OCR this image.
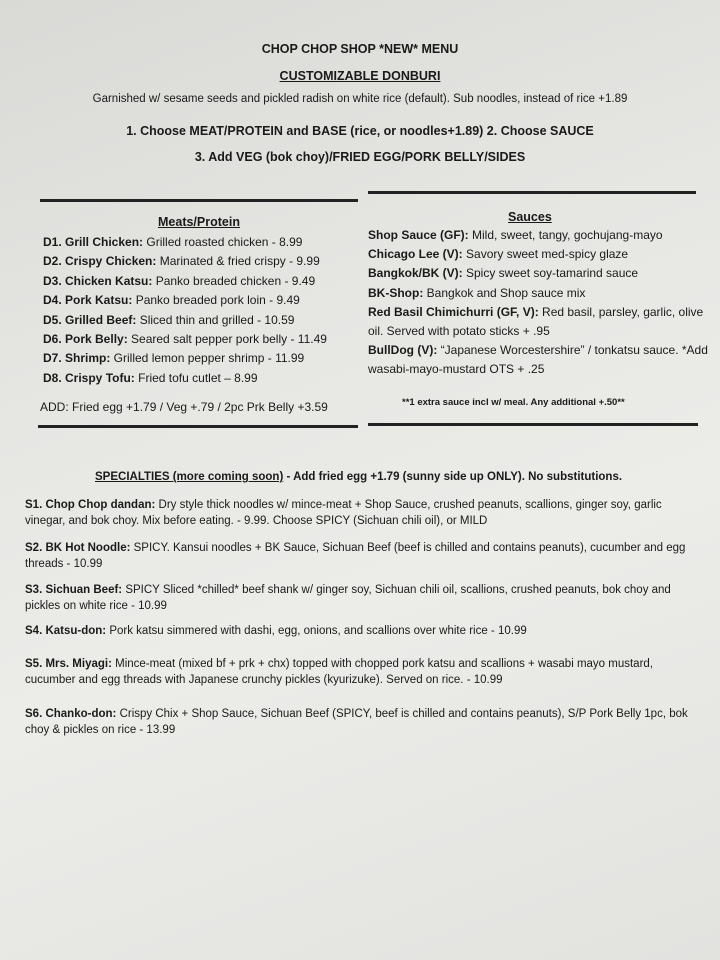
CHOP CHOP SHOP *NEW* MENU
CUSTOMIZABLE DONBURI
Garnished w/ sesame seeds and pickled radish on white rice (default). Sub noodles, instead of rice +1.89
1. Choose MEAT/PROTEIN and BASE (rice, or noodles+1.89) 2. Choose SAUCE
3. Add VEG (bok choy)/FRIED EGG/PORK BELLY/SIDES
Meats/Protein
D1. Grill Chicken: Grilled roasted chicken - 8.99
D2. Crispy Chicken: Marinated & fried crispy - 9.99
D3. Chicken Katsu: Panko breaded chicken - 9.49
D4. Pork Katsu: Panko breaded pork loin - 9.49
D5. Grilled Beef: Sliced thin and grilled - 10.59
D6. Pork Belly: Seared salt pepper pork belly - 11.49
D7. Shrimp: Grilled lemon pepper shrimp - 11.99
D8. Crispy Tofu: Fried tofu cutlet – 8.99
Sauces
Shop Sauce (GF): Mild, sweet, tangy, gochujang-mayo
Chicago Lee (V): Savory sweet med-spicy glaze
Bangkok/BK (V): Spicy sweet soy-tamarind sauce
BK-Shop: Bangkok and Shop sauce mix
Red Basil Chimichurri (GF, V): Red basil, parsley, garlic, olive oil. Served with potato sticks + .95
BullDog (V): “Japanese Worcestershire” / tonkatsu sauce. *Add wasabi-mayo-mustard OTS + .25
ADD: Fried egg +1.79 / Veg +.79 / 2pc Prk Belly +3.59	**1 extra sauce incl w/ meal. Any additional +.50**
SPECIALTIES (more coming soon) - Add fried egg +1.79 (sunny side up ONLY). No substitutions.
S1. Chop Chop dandan: Dry style thick noodles w/ mince-meat + Shop Sauce, crushed peanuts, scallions, ginger soy, garlic vinegar, and bok choy. Mix before eating. - 9.99. Choose SPICY (Sichuan chili oil), or MILD
S2. BK Hot Noodle: SPICY. Kansui noodles + BK Sauce, Sichuan Beef (beef is chilled and contains peanuts), cucumber and egg threads - 10.99
S3. Sichuan Beef: SPICY Sliced *chilled* beef shank w/ ginger soy, Sichuan chili oil, scallions, crushed peanuts, bok choy and pickles on white rice - 10.99
S4. Katsu-don: Pork katsu simmered with dashi, egg, onions, and scallions over white rice - 10.99
S5. Mrs. Miyagi: Mince-meat (mixed bf + prk + chx) topped with chopped pork katsu and scallions + wasabi mayo mustard, cucumber and egg threads with Japanese crunchy pickles (kyurizuke). Served on rice. - 10.99
S6. Chanko-don: Crispy Chix + Shop Sauce, Sichuan Beef (SPICY, beef is chilled and contains peanuts), S/P Pork Belly 1pc, bok choy & pickles on rice - 13.99
